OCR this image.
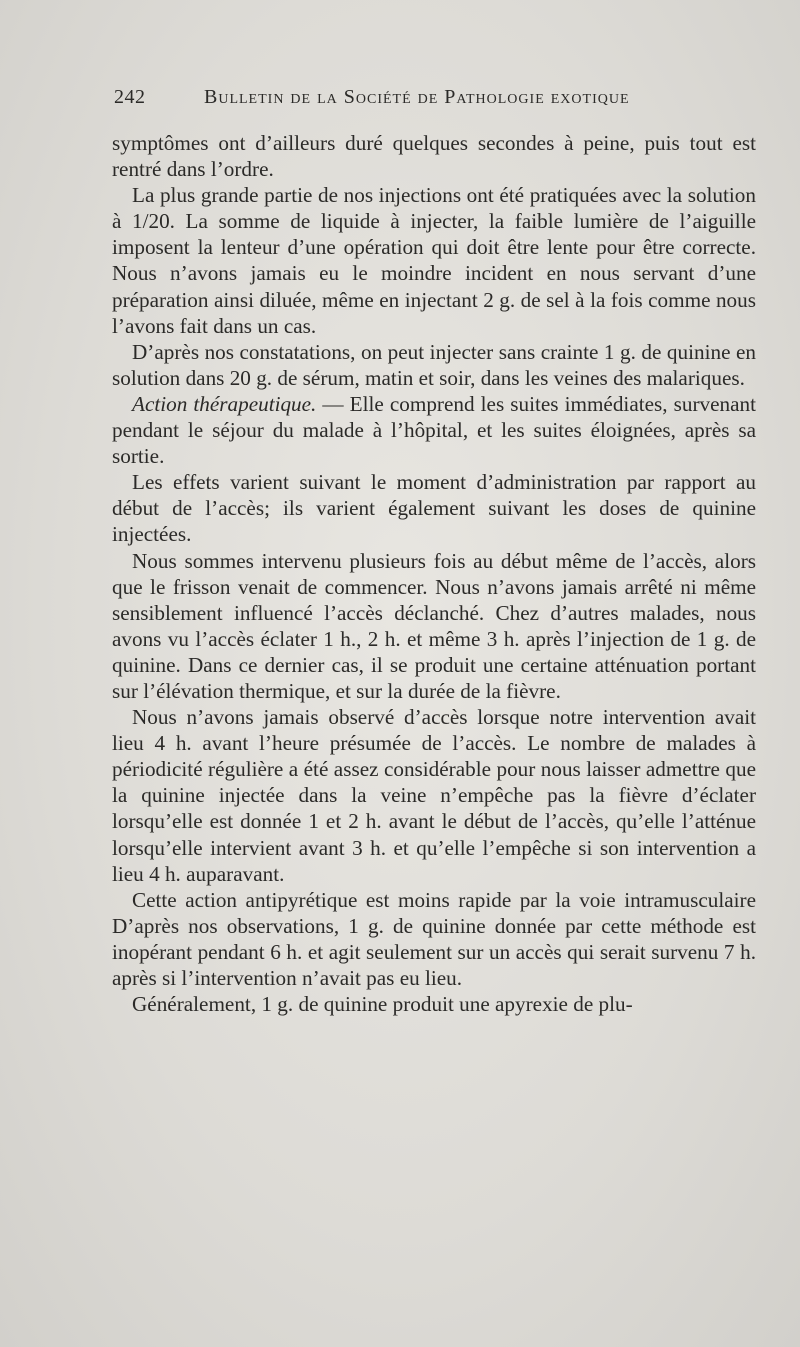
242	Bulletin de la Société de Pathologie exotique

symptômes ont d’ailleurs duré quelques secondes à peine, puis tout est rentré dans l’ordre.

La plus grande partie de nos injections ont été pratiquées avec la solution à 1/20. La somme de liquide à injecter, la faible lumière de l’aiguille imposent la lenteur d’une opération qui doit être lente pour être correcte. Nous n’avons jamais eu le moindre incident en nous servant d’une préparation ainsi diluée, même en injectant 2 g. de sel à la fois comme nous l’avons fait dans un cas.

D’après nos constatations, on peut injecter sans crainte 1 g. de quinine en solution dans 20 g. de sérum, matin et soir, dans les veines des malariques.

Action thérapeutique. — Elle comprend les suites immédiates, survenant pendant le séjour du malade à l’hôpital, et les suites éloignées, après sa sortie.

Les effets varient suivant le moment d’administration par rapport au début de l’accès; ils varient également suivant les doses de quinine injectées.

Nous sommes intervenu plusieurs fois au début même de l’accès, alors que le frisson venait de commencer. Nous n’avons jamais arrêté ni même sensiblement influencé l’accès déclanché. Chez d’autres malades, nous avons vu l’accès éclater 1 h., 2 h. et même 3 h. après l’injection de 1 g. de quinine. Dans ce dernier cas, il se produit une certaine atténuation portant sur l’élévation thermique, et sur la durée de la fièvre.

Nous n’avons jamais observé d’accès lorsque notre intervention avait lieu 4 h. avant l’heure présumée de l’accès. Le nombre de malades à périodicité régulière a été assez considérable pour nous laisser admettre que la quinine injectée dans la veine n’empêche pas la fièvre d’éclater lorsqu’elle est donnée 1 et 2 h. avant le début de l’accès, qu’elle l’atténue lorsqu’elle intervient avant 3 h. et qu’elle l’empêche si son intervention a lieu 4 h. auparavant.

Cette action antipyrétique est moins rapide par la voie intramusculaire D’après nos observations, 1 g. de quinine donnée par cette méthode est inopérant pendant 6 h. et agit seulement sur un accès qui serait survenu 7 h. après si l’intervention n’avait pas eu lieu.

Généralement, 1 g. de quinine produit une apyrexie de plu-
